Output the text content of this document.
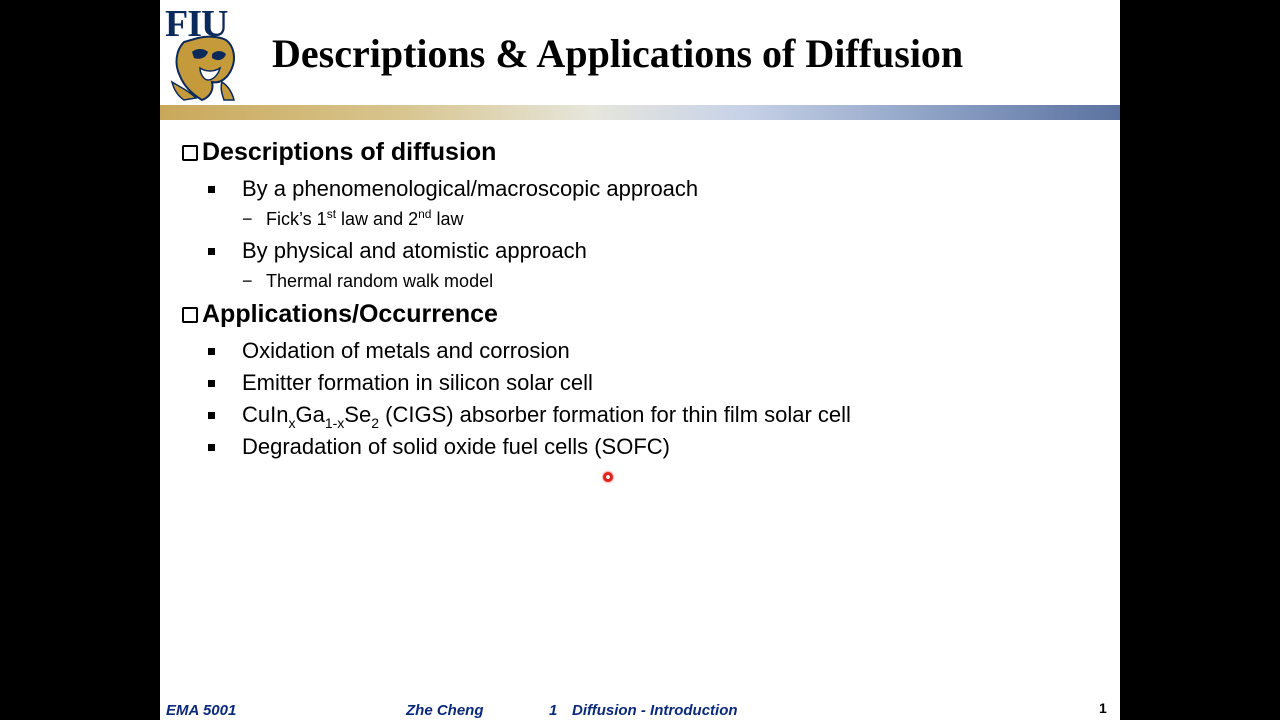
FIU
Descriptions & Applications of Diffusion
Descriptions of diffusion
By a phenomenological/macroscopic approach
− Fick’s 1st law and 2nd law
By physical and atomistic approach
− Thermal random walk model
Applications/Occurrence
Oxidation of metals and corrosion
Emitter formation in silicon solar cell
$CuIn_xGa_{1-x}Se_2$ (CIGS) absorber formation for thin film solar cell
Degradation of solid oxide fuel cells (SOFC)
EMA 5001	Zhe Cheng	1 Diffusion - Introduction	1
